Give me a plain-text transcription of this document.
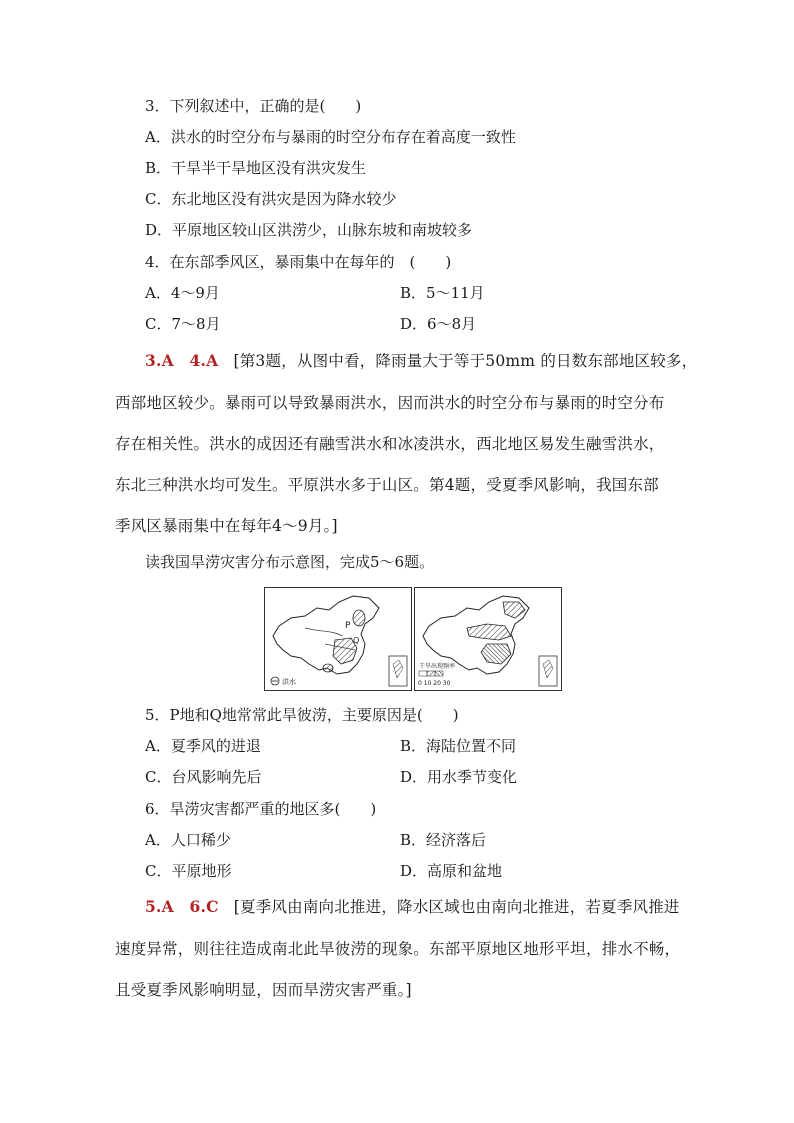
3．下列叙述中，正确的是(　　)
A．洪水的时空分布与暴雨的时空分布存在着高度一致性
B．干旱半干旱地区没有洪灾发生
C．东北地区没有洪灾是因为降水较少
D．平原地区较山区洪涝少，山脉东坡和南坡较多
4．在东部季风区，暴雨集中在每年的　(　　)
A．4～9月	B．5～11月
C．7～8月	D．6～8月
3.A　4.A [第3题，从图中看，降雨量大于等于50mm 的日数东部地区较多，
西部地区较少。暴雨可以导致暴雨洪水，因而洪水的时空分布与暴雨的时空分布
存在相关性。洪水的成因还有融雪洪水和冰凌洪水，西北地区易发生融雪洪水，
东北三种洪水均可发生。平原洪水多于山区。第4题，受夏季风影响，我国东部
季风区暴雨集中在每年4～9月。]
读我国旱涝灾害分布示意图，完成5～6题。
P
Q
洪水
干旱出现频率
0 10 20 30
5．P地和Q地常常此旱彼涝，主要原因是(　　)
A．夏季风的进退	B．海陆位置不同
C．台风影响先后	D．用水季节变化
6．旱涝灾害都严重的地区多(　　)
A．人口稀少	B．经济落后
C．平原地形	D．高原和盆地
5.A　6.C [夏季风由南向北推进，降水区域也由南向北推进，若夏季风推进
速度异常，则往往造成南北此旱彼涝的现象。东部平原地区地形平坦，排水不畅，
且受夏季风影响明显，因而旱涝灾害严重。]
